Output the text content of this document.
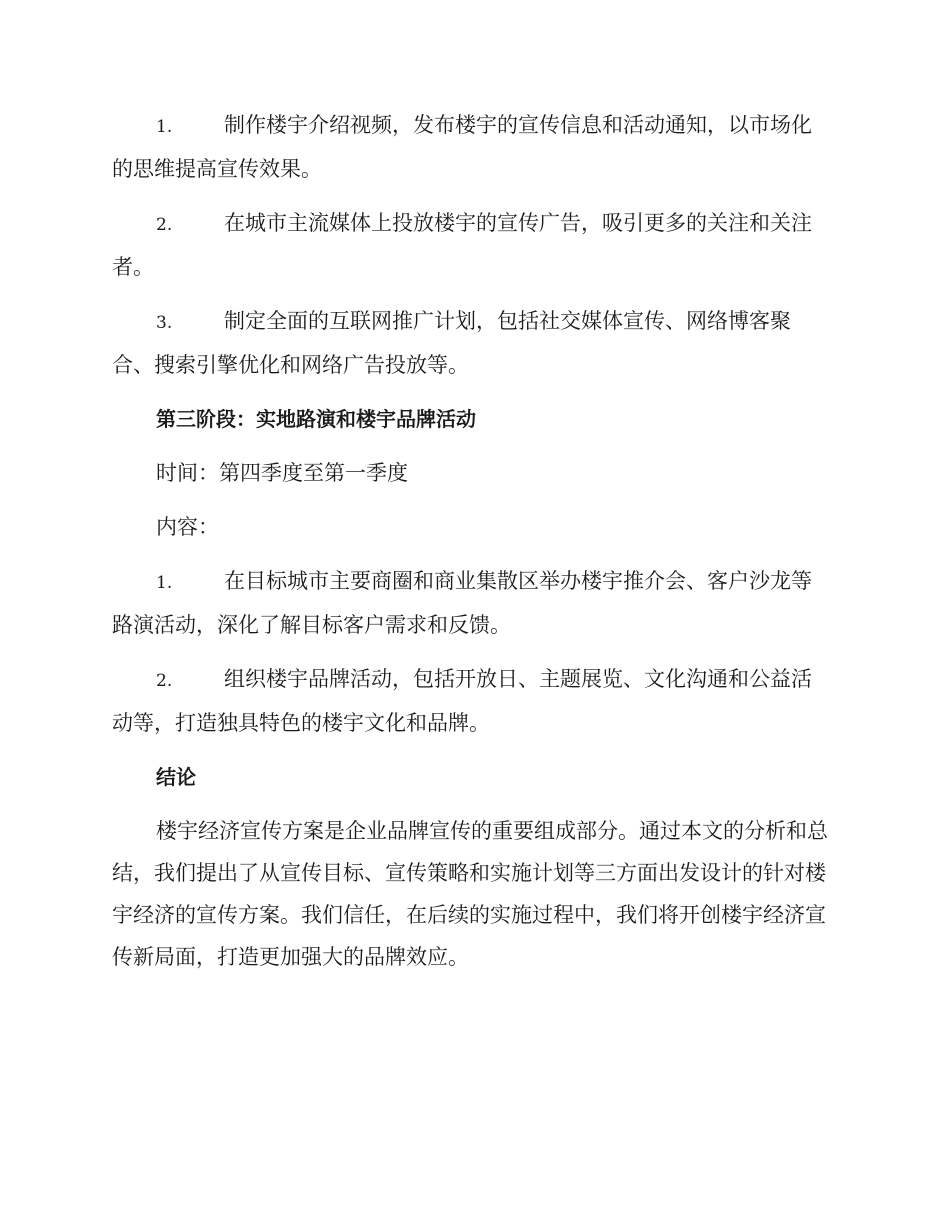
1. 制作楼宇介绍视频，发布楼宇的宣传信息和活动通知，以市场化的思维提高宣传效果。

2. 在城市主流媒体上投放楼宇的宣传广告，吸引更多的关注和关注者。

3. 制定全面的互联网推广计划，包括社交媒体宣传、网络博客聚合、搜索引擎优化和网络广告投放等。

第三阶段：实地路演和楼宇品牌活动

时间：第四季度至第一季度

内容：

1. 在目标城市主要商圈和商业集散区举办楼宇推介会、客户沙龙等路演活动，深化了解目标客户需求和反馈。

2. 组织楼宇品牌活动，包括开放日、主题展览、文化沟通和公益活动等，打造独具特色的楼宇文化和品牌。

结论

楼宇经济宣传方案是企业品牌宣传的重要组成部分。通过本文的分析和总结，我们提出了从宣传目标、宣传策略和实施计划等三方面出发设计的针对楼宇经济的宣传方案。我们信任，在后续的实施过程中，我们将开创楼宇经济宣传新局面，打造更加强大的品牌效应。
